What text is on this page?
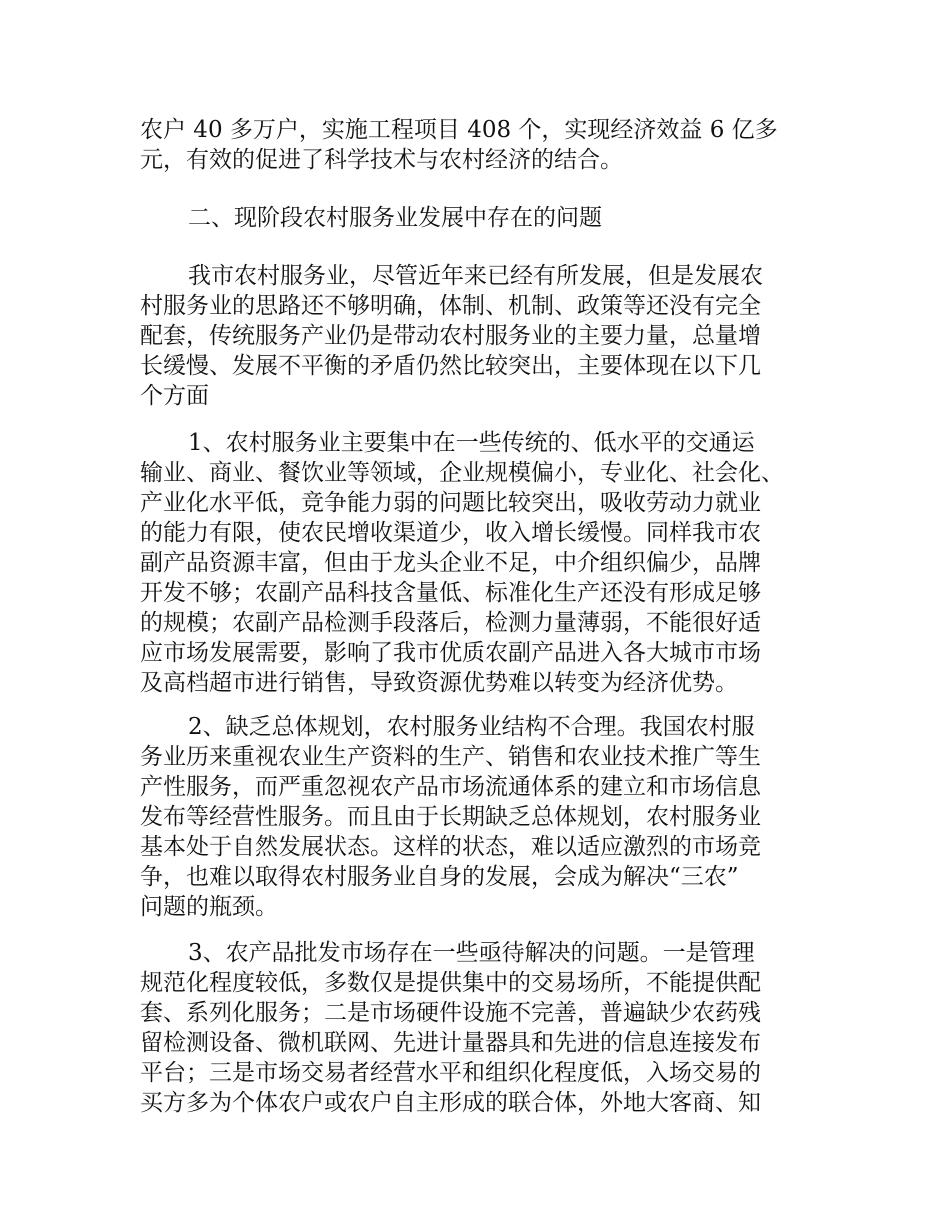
农户 40 多万户，实施工程项目 408 个，实现经济效益 6 亿多
元，有效的促进了科学技术与农村经济的结合。
二、现阶段农村服务业发展中存在的问题
我市农村服务业，尽管近年来已经有所发展，但是发展农
村服务业的思路还不够明确，体制、机制、政策等还没有完全
配套，传统服务产业仍是带动农村服务业的主要力量，总量增
长缓慢、发展不平衡的矛盾仍然比较突出，主要体现在以下几
个方面
1、农村服务业主要集中在一些传统的、低水平的交通运
输业、商业、餐饮业等领域，企业规模偏小，专业化、社会化、
产业化水平低，竞争能力弱的问题比较突出，吸收劳动力就业
的能力有限，使农民增收渠道少，收入增长缓慢。同样我市农
副产品资源丰富，但由于龙头企业不足，中介组织偏少，品牌
开发不够；农副产品科技含量低、标准化生产还没有形成足够
的规模；农副产品检测手段落后，检测力量薄弱，不能很好适
应市场发展需要，影响了我市优质农副产品进入各大城市市场
及高档超市进行销售，导致资源优势难以转变为经济优势。
2、缺乏总体规划，农村服务业结构不合理。我国农村服
务业历来重视农业生产资料的生产、销售和农业技术推广等生
产性服务，而严重忽视农产品市场流通体系的建立和市场信息
发布等经营性服务。而且由于长期缺乏总体规划，农村服务业
基本处于自然发展状态。这样的状态，难以适应激烈的市场竞
争，也难以取得农村服务业自身的发展，会成为解决“三农”
问题的瓶颈。
3、农产品批发市场存在一些亟待解决的问题。一是管理
规范化程度较低，多数仅是提供集中的交易场所，不能提供配
套、系列化服务；二是市场硬件设施不完善，普遍缺少农药残
留检测设备、微机联网、先进计量器具和先进的信息连接发布
平台；三是市场交易者经营水平和组织化程度低，入场交易的
买方多为个体农户或农户自主形成的联合体，外地大客商、知
